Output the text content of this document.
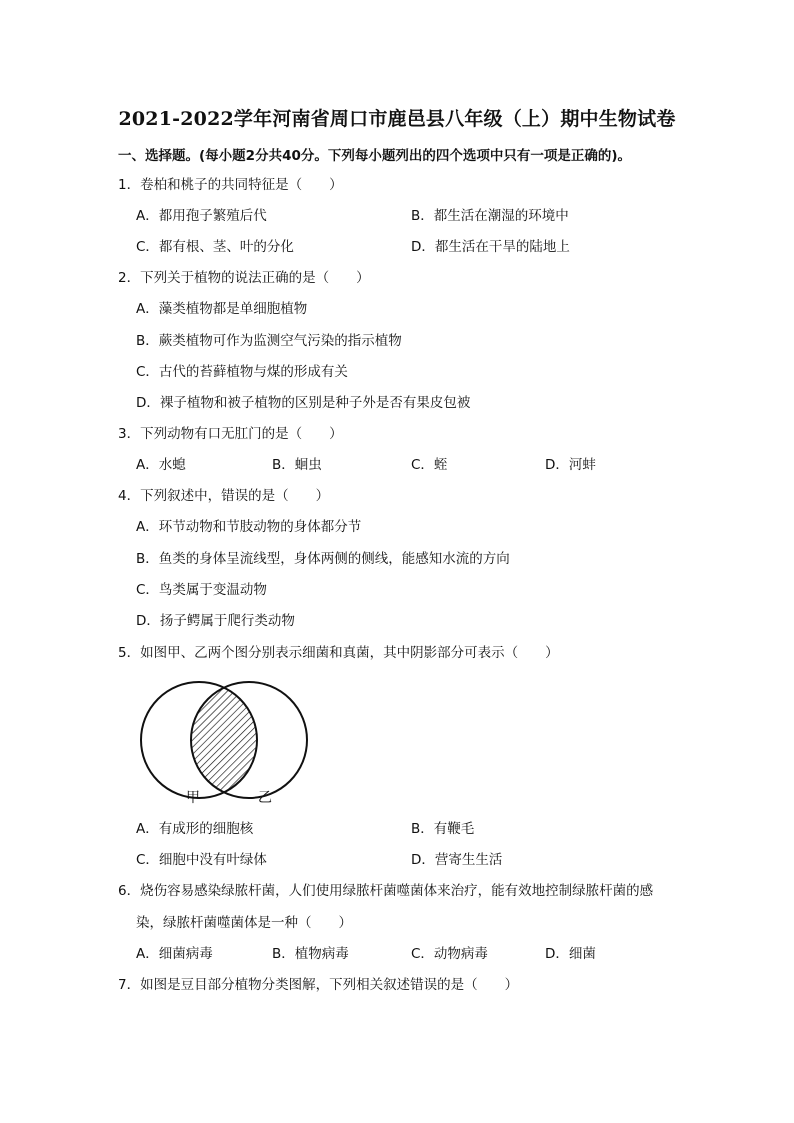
2021-2022学年河南省周口市鹿邑县八年级（上）期中生物试卷
一、选择题。(每小题2分共40分。下列每小题列出的四个选项中只有一项是正确的)。
1．卷柏和桃子的共同特征是（　　）
A．都用孢子繁殖后代	B．都生活在潮湿的环境中
C．都有根、茎、叶的分化	D．都生活在干旱的陆地上
2．下列关于植物的说法正确的是（　　）
A．藻类植物都是单细胞植物
B．蕨类植物可作为监测空气污染的指示植物
C．古代的苔藓植物与煤的形成有关
D．裸子植物和被子植物的区别是种子外是否有果皮包被
3．下列动物有口无肛门的是（　　）
A．水螅	B．蛔虫	C．蛭	D．河蚌
4．下列叙述中，错误的是（　　）
A．环节动物和节肢动物的身体都分节
B．鱼类的身体呈流线型，身体两侧的侧线，能感知水流的方向
C．鸟类属于变温动物
D．扬子鳄属于爬行类动物
5．如图甲、乙两个图分别表示细菌和真菌，其中阴影部分可表示（　　）
甲	乙
A．有成形的细胞核	B．有鞭毛
C．细胞中没有叶绿体	D．营寄生生活
6．烧伤容易感染绿脓杆菌，人们使用绿脓杆菌噬菌体来治疗，能有效地控制绿脓杆菌的感
染，绿脓杆菌噬菌体是一种（　　）
A．细菌病毒	B．植物病毒	C．动物病毒	D．细菌
7．如图是豆目部分植物分类图解，下列相关叙述错误的是（　　）
